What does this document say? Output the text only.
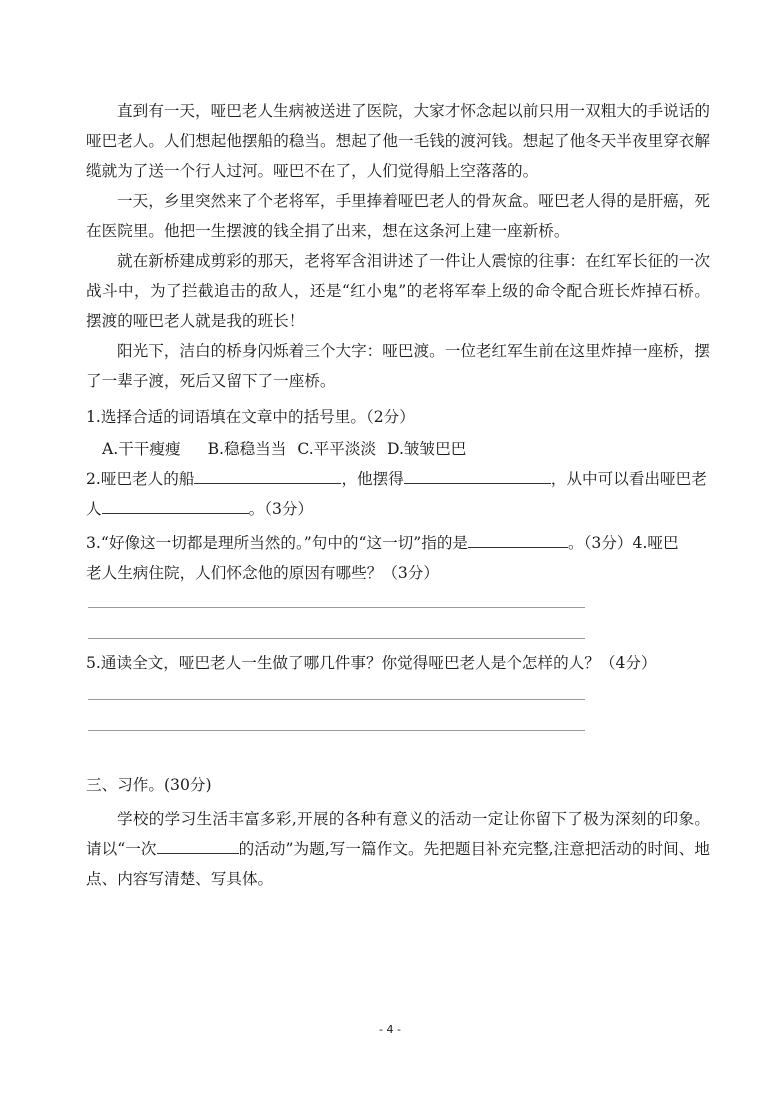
直到有一天，哑巴老人生病被送进了医院，大家才怀念起以前只用一双粗大的手说话的哑巴老人。人们想起他摆船的稳当。想起了他一毛钱的渡河钱。想起了他冬天半夜里穿衣解缆就为了送一个行人过河。哑巴不在了，人们觉得船上空落落的。

一天，乡里突然来了个老将军，手里捧着哑巴老人的骨灰盒。哑巴老人得的是肝癌，死在医院里。他把一生摆渡的钱全捐了出来，想在这条河上建一座新桥。

就在新桥建成剪彩的那天，老将军含泪讲述了一件让人震惊的往事：在红军长征的一次战斗中，为了拦截追击的敌人，还是“红小鬼”的老将军奉上级的命令配合班长炸掉石桥。摆渡的哑巴老人就是我的班长！

阳光下，洁白的桥身闪烁着三个大字：哑巴渡。一位老红军生前在这里炸掉一座桥，摆了一辈子渡，死后又留下了一座桥。

1.选择合适的词语填在文章中的括号里。（2分）

A.干干瘦瘦 B.稳稳当当 C.平平淡淡 D.皱皱巴巴
2.哑巴老人的船	，他摆得	，从中可以看出哑巴老
人	。（3分）
3.“好像这一切都是理所当然的。”句中的“这一切”指的是	。（3分）4.哑巴

老人生病住院，人们怀念他的原因有哪些？（3分）

5.通读全文，哑巴老人一生做了哪几件事？你觉得哑巴老人是个怎样的人？（4分）

三、习作。(30分)

学校的学习生活丰富多彩,开展的各种有意义的活动一定让你留下了极为深刻的印象。请以“一次	的活动”为题,写一篇作文。先把题目补充完整,注意把活动的时间、地点、内容写清楚、写具体。

- 4 -
